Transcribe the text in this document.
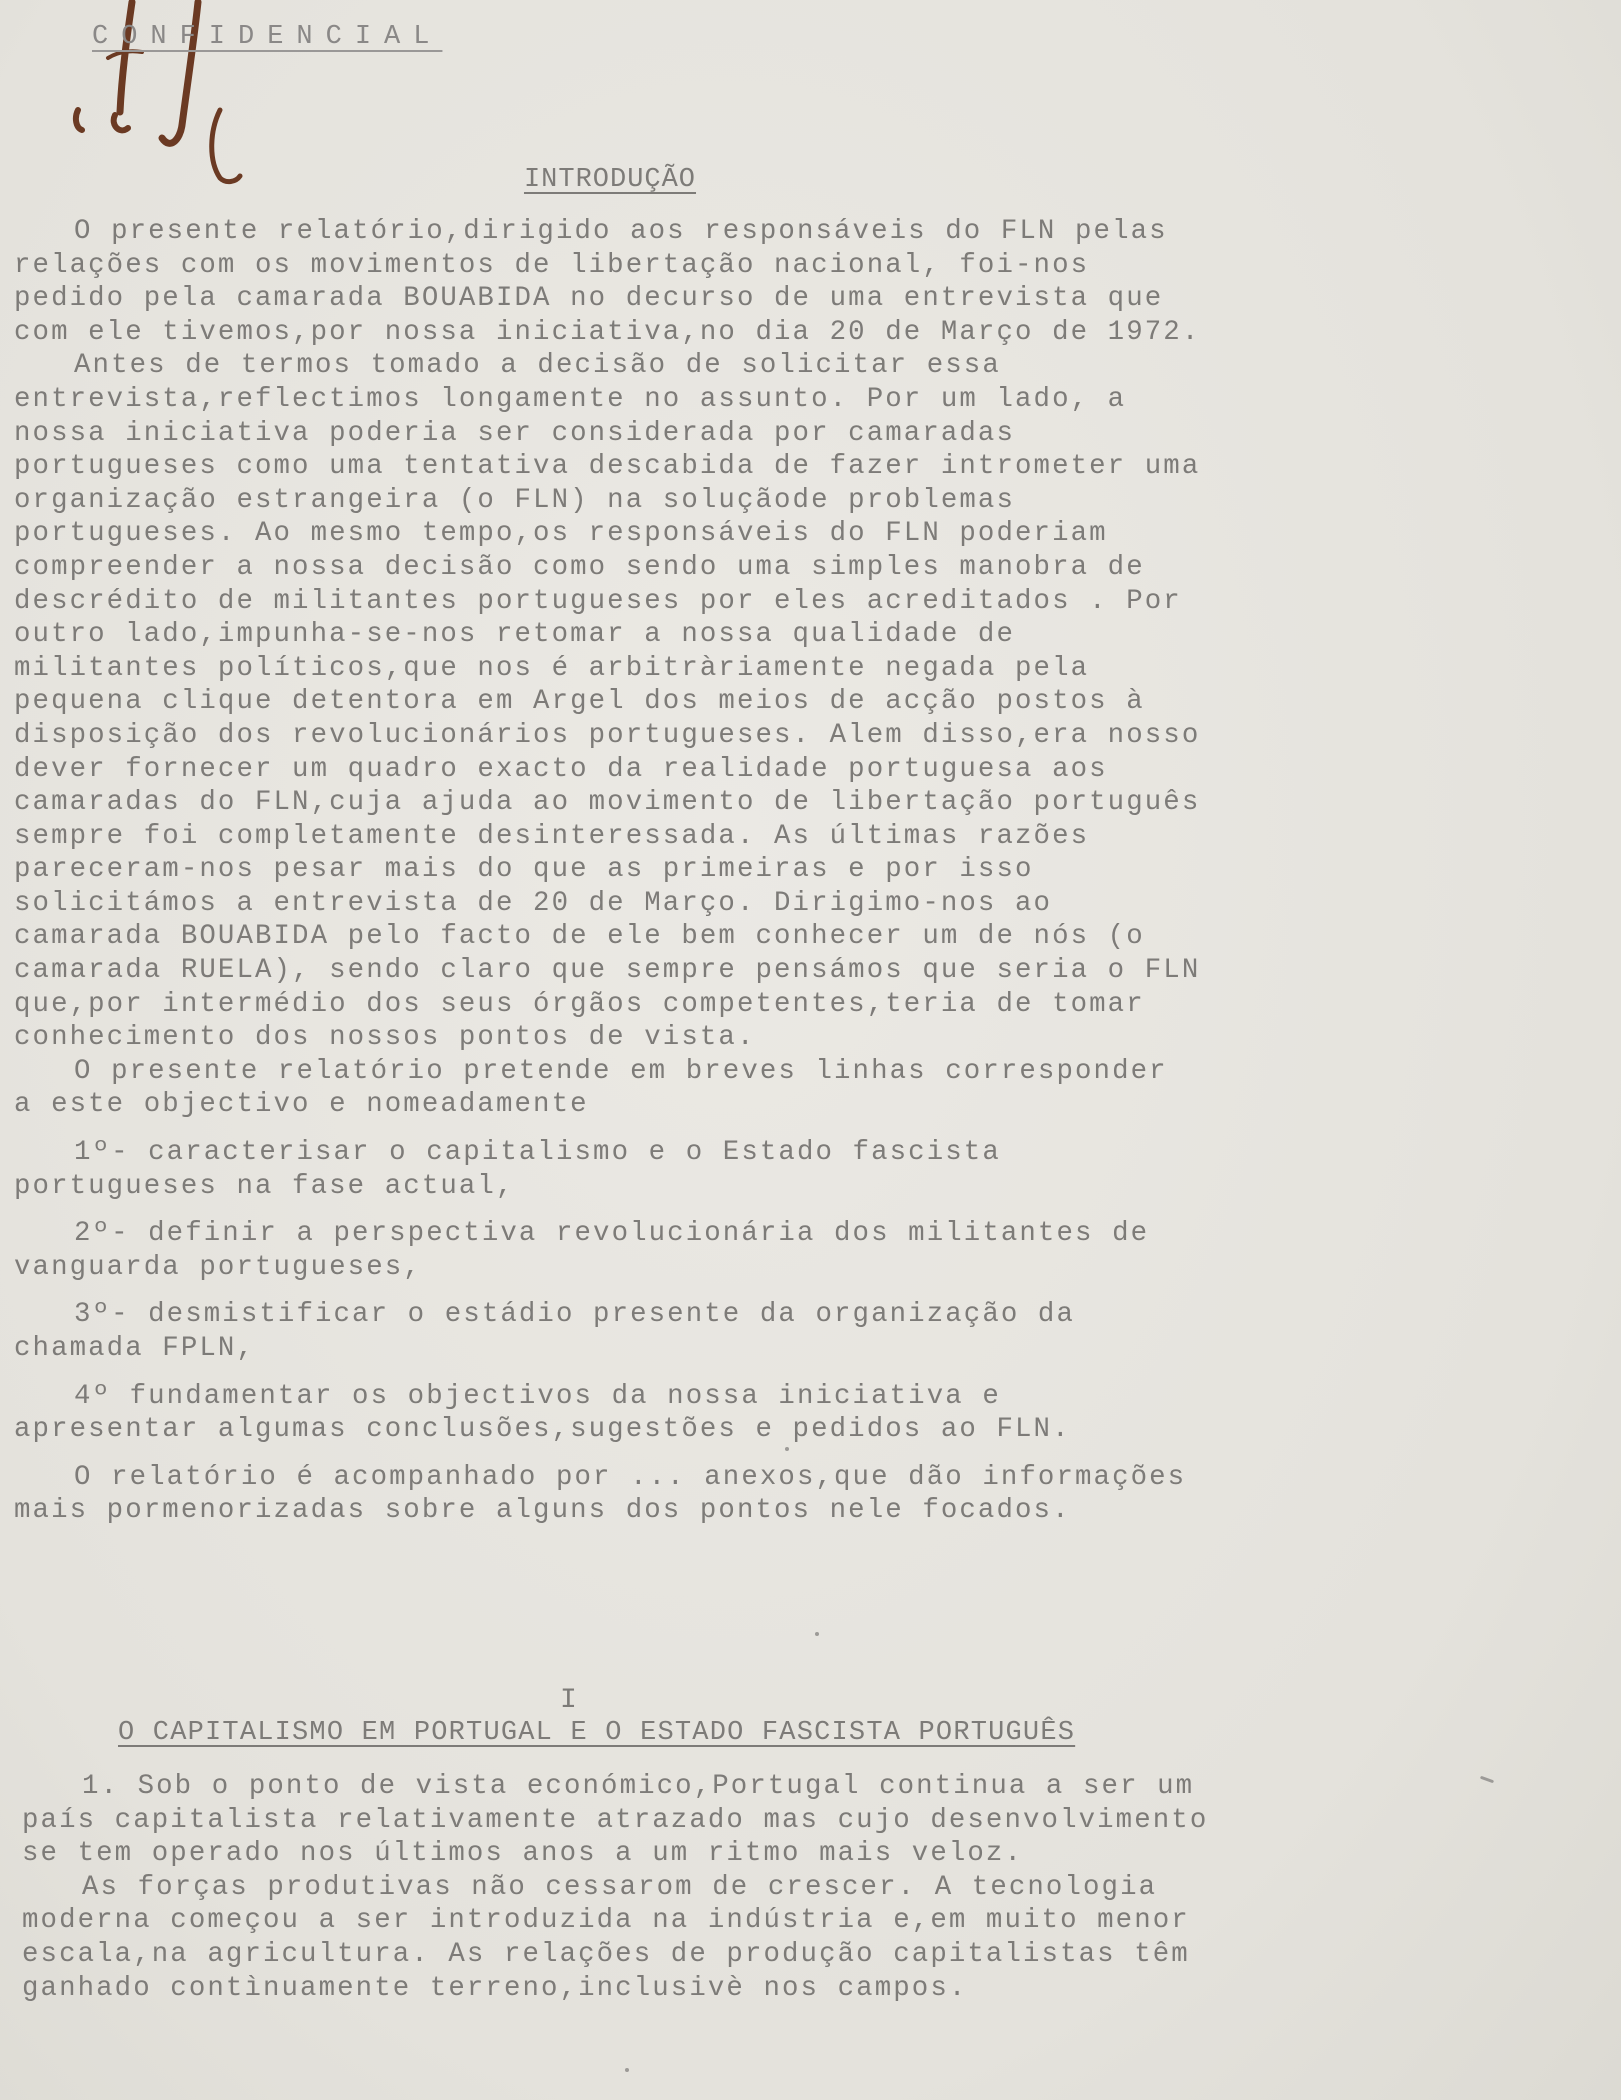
CONFIDENCIAL
INTRODUÇÃO

O presente relatório,dirigido aos responsáveis do FLN pelas relações com os movimentos de libertação nacional, foi-nos pedido pela camarada BOUABIDA no decurso de uma entrevista que com ele tivemos,por nossa iniciativa,no dia 20 de Março de 1972.

Antes de termos tomado a decisão de solicitar essa entrevista,reflectimos longamente no assunto. Por um lado, a nossa iniciativa poderia ser considerada por camaradas portugueses como uma tentativa descabida de fazer intrometer uma organização estrangeira (o FLN) na soluçãode problemas portugueses. Ao mesmo tempo,os responsáveis do FLN poderiam compreender a nossa decisão como sendo uma simples manobra de descrédito de militantes portugueses por eles acreditados . Por outro lado,impunha-se-nos retomar a nossa qualidade de militantes políticos,que nos é arbitràriamente negada pela pequena clique detentora em Argel dos meios de acção postos à disposição dos revolucionários portugueses. Alem disso,era nosso dever fornecer um quadro exacto da realidade portuguesa aos camaradas do FLN,cuja ajuda ao movimento de libertação português sempre foi completamente desinteressada. As últimas razões pareceram-nos pesar mais do que as primeiras e por isso solicitámos a entrevista de 20 de Março. Dirigimo-nos ao camarada BOUABIDA pelo facto de ele bem conhecer um de nós (o camarada RUELA), sendo claro que sempre pensámos que seria o FLN que,por intermédio dos seus órgãos competentes,teria de tomar conhecimento dos nossos pontos de vista.

O presente relatório pretende em breves linhas corresponder a este objectivo e nomeadamente

1º- caracterisar o capitalismo e o Estado fascista portugueses na fase actual,

2º- definir a perspectiva revolucionária dos militantes de vanguarda portugueses,

3º- desmistificar o estádio presente da organização da chamada FPLN,

4º fundamentar os objectivos da nossa iniciativa e apresentar algumas conclusões,sugestões e pedidos ao FLN.

O relatório é acompanhado por ... anexos,que dão informações mais pormenorizadas sobre alguns dos pontos nele focados.

I
O CAPITALISMO EM PORTUGAL E O ESTADO FASCISTA PORTUGUÊS

1. Sob o ponto de vista económico,Portugal continua a ser um país capitalista relativamente atrazado mas cujo desenvolvimento se tem operado nos últimos anos a um ritmo mais veloz.

As forças produtivas não cessarom de crescer. A tecnologia moderna começou a ser introduzida na indústria e,em muito menor escala,na agricultura. As relações de produção capitalistas têm ganhado contìnuamente terreno,inclusivè nos campos.
